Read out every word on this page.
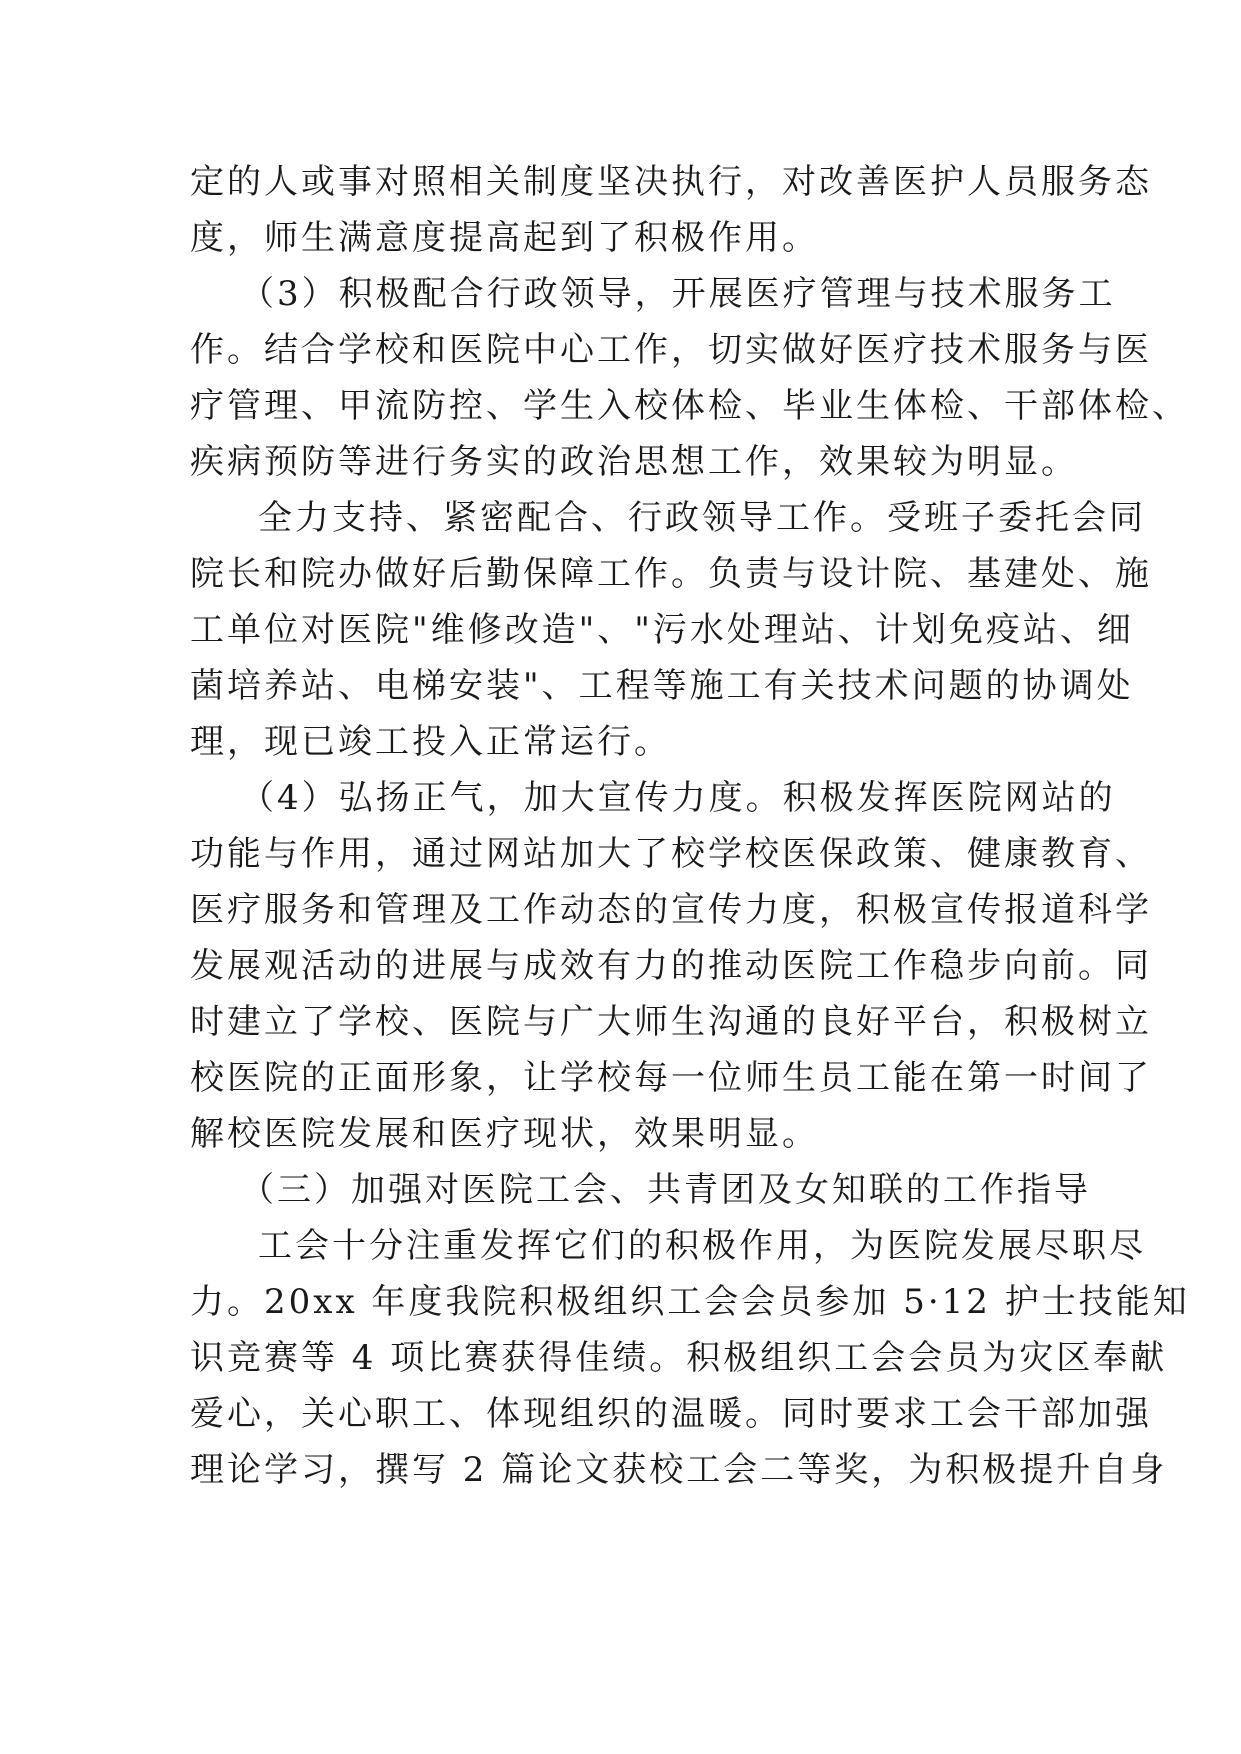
定的人或事对照相关制度坚决执行，对改善医护人员服务态
度，师生满意度提高起到了积极作用。
（3）积极配合行政领导，开展医疗管理与技术服务工
作。结合学校和医院中心工作，切实做好医疗技术服务与医
疗管理、甲流防控、学生入校体检、毕业生体检、干部体检、
疾病预防等进行务实的政治思想工作，效果较为明显。
全力支持、紧密配合、行政领导工作。受班子委托会同
院长和院办做好后勤保障工作。负责与设计院、基建处、施
工单位对医院"维修改造"、"污水处理站、计划免疫站、细
菌培养站、电梯安装"、工程等施工有关技术问题的协调处
理，现已竣工投入正常运行。
（4）弘扬正气，加大宣传力度。积极发挥医院网站的
功能与作用，通过网站加大了校学校医保政策、健康教育、
医疗服务和管理及工作动态的宣传力度，积极宣传报道科学
发展观活动的进展与成效有力的推动医院工作稳步向前。同
时建立了学校、医院与广大师生沟通的良好平台，积极树立
校医院的正面形象，让学校每一位师生员工能在第一时间了
解校医院发展和医疗现状，效果明显。
（三）加强对医院工会、共青团及女知联的工作指导
工会十分注重发挥它们的积极作用，为医院发展尽职尽
力。20xx 年度我院积极组织工会会员参加 5·12 护士技能知
识竞赛等 4 项比赛获得佳绩。积极组织工会会员为灾区奉献
爱心，关心职工、体现组织的温暖。同时要求工会干部加强
理论学习，撰写 2 篇论文获校工会二等奖，为积极提升自身
